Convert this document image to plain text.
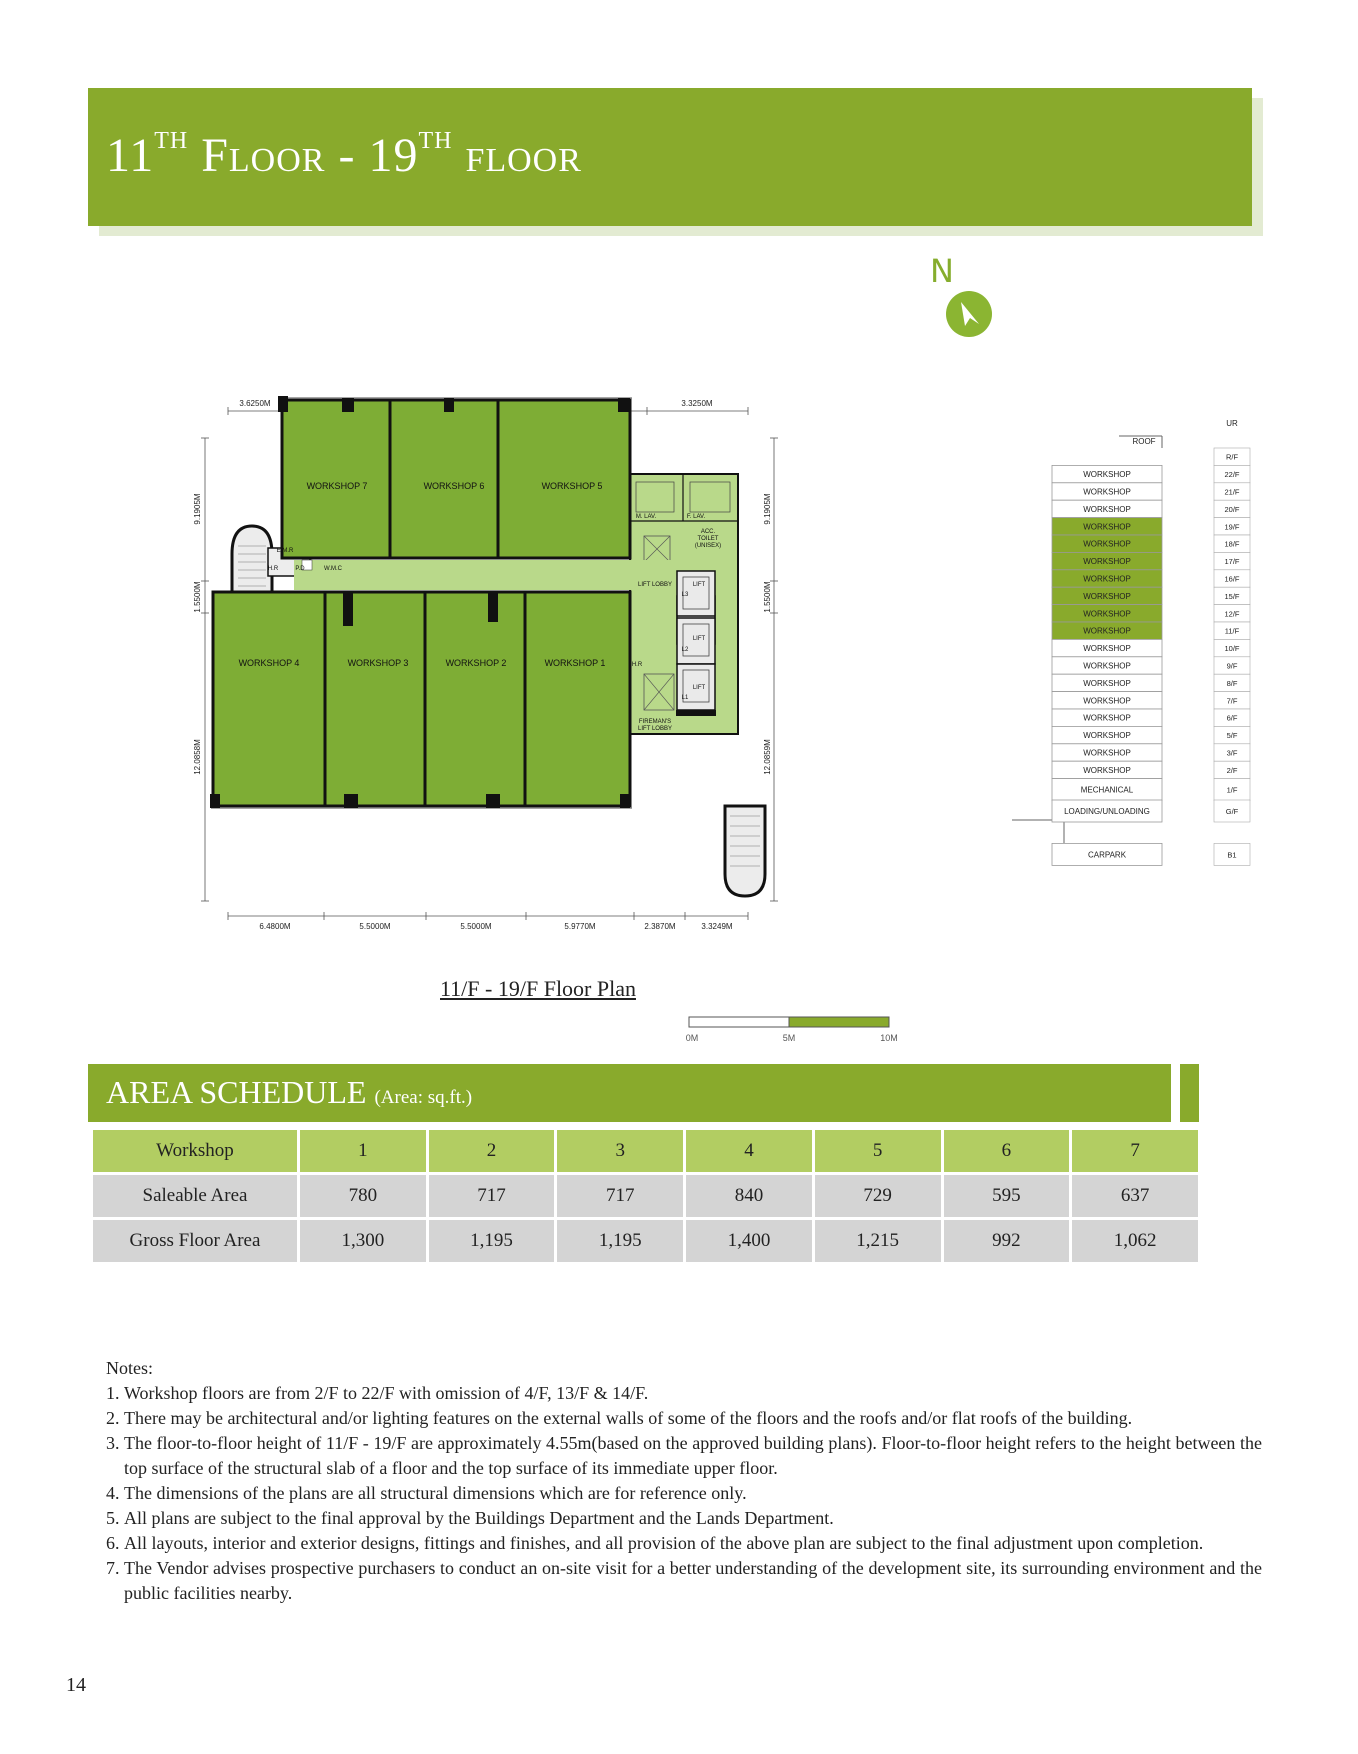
11TH Floor - 19TH floor
N
3.6250M	3.3250M
6.4800M	5.5000M	5.5000M	5.9770M	2.3870M	3.3249M
9.1905M
1.5500M
12.0858M
9.1905M
1.5500M
12.0859M
WORKSHOP 7	WORKSHOP 6	WORKSHOP 5
WORKSHOP 4	WORKSHOP 3	WORKSHOP 2	WORKSHOP 1
E.M.R
H.R	P.D	W.M.C
M. LAV.	F. LAV.
ACC.
TOILET
(UNISEX)
LIFT LOBBY	LIFT
LIFT
LIFT
L3
L2
L1
H.R
FIREMAN'S
LIFT LOBBY
11/F - 19/F Floor Plan
0M	5M	10M
ROOF
UR
R/F
WORKSHOP	22/F
WORKSHOP	21/F
WORKSHOP	20/F
WORKSHOP	19/F
WORKSHOP	18/F
WORKSHOP	17/F
WORKSHOP	16/F
WORKSHOP	15/F
WORKSHOP	12/F
WORKSHOP	11/F
WORKSHOP	10/F
WORKSHOP	9/F
WORKSHOP	8/F
WORKSHOP	7/F
WORKSHOP	6/F
WORKSHOP	5/F
WORKSHOP	3/F
WORKSHOP	2/F
MECHANICAL	1/F
LOADING/UNLOADING	G/F
CARPARK	B1
AREA SCHEDULE (Area: sq.ft.)
Workshop	1	2	3	4	5	6	7
Saleable Area	780	717	717	840	729	595	637
Gross Floor Area	1,300	1,195	1,195	1,400	1,215	992	1,062
Notes:
1. Workshop floors are from 2/F to 22/F with omission of 4/F, 13/F & 14/F.
2. There may be architectural and/or lighting features on the external walls of some of the floors and the roofs and/or flat roofs of the building.
3. The floor-to-floor height of 11/F - 19/F are approximately 4.55m(based on the approved building plans). Floor-to-floor height refers to the height between the top surface of the structural slab of a floor and the top surface of its immediate upper floor.
4. The dimensions of the plans are all structural dimensions which are for reference only.
5. All plans are subject to the final approval by the Buildings Department and the Lands Department.
6. All layouts, interior and exterior designs, fittings and finishes, and all provision of the above plan are subject to the final adjustment upon completion.
7. The Vendor advises prospective purchasers to conduct an on-site visit for a better understanding of the development site, its surrounding environment and the public facilities nearby.
14
